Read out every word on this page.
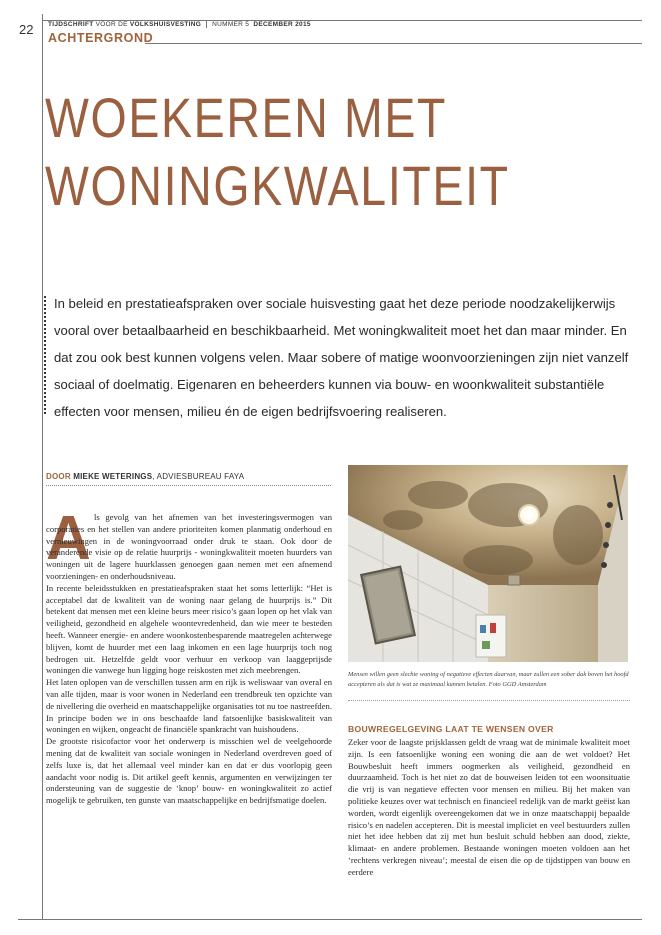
22 TIJDSCHRIFT VOOR DE VOLKSHUISVESTING NUMMER 5 DECEMBER 2015
ACHTERGROND
WOEKEREN MET
WONINGKWALITEIT

In beleid en prestatieafspraken over sociale huisvesting gaat het deze periode noodzakelijkerwijs vooral over betaalbaarheid en beschikbaarheid. Met woningkwaliteit moet het dan maar minder. En dat zou ook best kunnen volgens velen. Maar sobere of matige woonvoorzieningen zijn niet vanzelf sociaal of doelmatig. Eigenaren en beheerders kunnen via bouw- en woonkwaliteit substantiële effecten voor mensen, milieu én de eigen bedrijfsvoering realiseren.

DOOR MIEKE WETERINGS, ADVIESBUREAU FAYA
A ls gevolg van het afnemen van het investeringsvermogen van corporaties en het stellen van andere prioriteiten komen planmatig onderhoud en vernieuwingen in de woningvoorraad onder druk te staan. Ook door de veranderende visie op de relatie huurprijs - woningkwaliteit moeten huurders van woningen uit de lagere huurklassen genoegen gaan nemen met een afnemend voorzieningen- en onderhoudsniveau.

In recente beleidsstukken en prestatieafspraken staat het soms letterlijk: “Het is acceptabel dat de kwaliteit van de woning naar gelang de huurprijs is.” Dit betekent dat mensen met een kleine beurs meer risico’s gaan lopen op het vlak van veiligheid, gezondheid en algehele woontevredenheid, dan wie meer te besteden heeft. Wanneer energie- en andere woonkostenbesparende maatregelen achterwege blijven, komt de huurder met een laag inkomen en een lage huurprijs toch nog bedrogen uit. Hetzelfde geldt voor verhuur en verkoop van laaggeprijsde woningen die vanwege hun ligging hoge reiskosten met zich meebrengen.

Het laten oplopen van de verschillen tussen arm en rijk is weliswaar van overal en van alle tijden, maar is voor wonen in Nederland een trendbreuk ten opzichte van de nivellering die overheid en maatschappelijke organisaties tot nu toe nastreefden. In principe boden we in ons beschaafde land fatsoenlijke basiskwaliteit van woningen en wijken, ongeacht de financiële spankracht van huishoudens.

De grootste risicofactor voor het onderwerp is misschien wel de veelgehoorde mening dat de kwaliteit van sociale woningen in Nederland overdreven goed of zelfs luxe is, dat het allemaal veel minder kan en dat er dus voorlopig geen aandacht voor nodig is. Dit artikel geeft kennis, argumenten en verwijzingen ter ondersteuning van de suggestie de ‘knop’ bouw- en woningkwaliteit zo actief mogelijk te gebruiken, ten gunste van maatschappelijke en bedrijfsmatige doelen.

Mensen willen geen slechte woning of negatieve effecten daarvan, maar zullen een sober dak boven het hoofd accepteren als dat is wat ze maximaal kunnen betalen. Foto GGD Amsterdam

BOUWREGELGEVING LAAT TE WENSEN OVER

Zeker voor de laagste prijsklassen geldt de vraag wat de minimale kwaliteit moet zijn. Is een fatsoenlijke woning een woning die aan de wet voldoet? Het Bouwbesluit heeft immers oogmerken als veiligheid, gezondheid en duurzaamheid. Toch is het niet zo dat de bouweisen leiden tot een woonsituatie die vrij is van negatieve effecten voor mensen en milieu. Bij het maken van politieke keuzes over wat technisch en financieel redelijk van de markt geëist kan worden, wordt eigenlijk overeengekomen dat we in onze maatschappij bepaalde risico’s en nadelen accepteren. Dit is meestal impliciet en veel bestuurders zullen niet het idee hebben dat zij met hun besluit schuld hebben aan dood, ziekte, klimaat- en andere problemen. Bestaande woningen moeten voldoen aan het ‘rechtens verkregen niveau’; meestal de eisen die op de tijdstippen van bouw en eerdere
